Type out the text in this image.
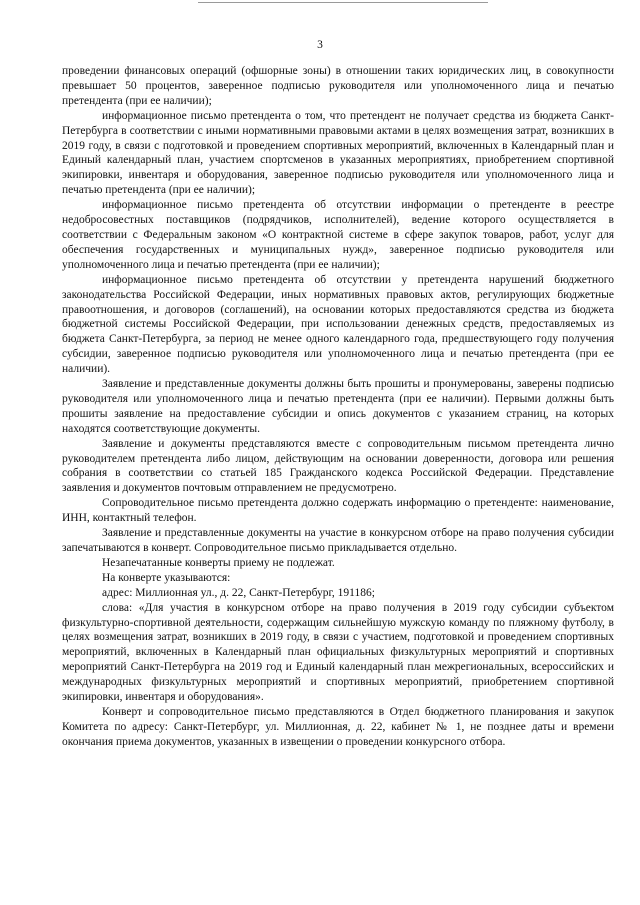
3

проведении финансовых операций (офшорные зоны) в отношении таких юридических лиц, в совокупности превышает 50 процентов, заверенное подписью руководителя или уполномоченного лица и печатью претендента (при ее наличии);

информационное письмо претендента о том, что претендент не получает средства из бюджета Санкт-Петербурга в соответствии с иными нормативными правовыми актами в целях возмещения затрат, возникших в 2019 году, в связи с подготовкой и проведением спортивных мероприятий, включенных в Календарный план и Единый календарный план, участием спортсменов в указанных мероприятиях, приобретением спортивной экипировки, инвентаря и оборудования, заверенное подписью руководителя или уполномоченного лица и печатью претендента (при ее наличии);

информационное письмо претендента об отсутствии информации о претенденте в реестре недобросовестных поставщиков (подрядчиков, исполнителей), ведение которого осуществляется в соответствии с Федеральным законом «О контрактной системе в сфере закупок товаров, работ, услуг для обеспечения государственных и муниципальных нужд», заверенное подписью руководителя или уполномоченного лица и печатью претендента (при ее наличии);

информационное письмо претендента об отсутствии у претендента нарушений бюджетного законодательства Российской Федерации, иных нормативных правовых актов, регулирующих бюджетные правоотношения, и договоров (соглашений), на основании которых предоставляются средства из бюджета бюджетной системы Российской Федерации, при использовании денежных средств, предоставляемых из бюджета Санкт-Петербурга, за период не менее одного календарного года, предшествующего году получения субсидии, заверенное подписью руководителя или уполномоченного лица и печатью претендента (при ее наличии).

Заявление и представленные документы должны быть прошиты и пронумерованы, заверены подписью руководителя или уполномоченного лица и печатью претендента (при ее наличии). Первыми должны быть прошиты заявление на предоставление субсидии и опись документов с указанием страниц, на которых находятся соответствующие документы.

Заявление и документы представляются вместе с сопроводительным письмом претендента лично руководителем претендента либо лицом, действующим на основании доверенности, договора или решения собрания в соответствии со статьей 185 Гражданского кодекса Российской Федерации. Представление заявления и документов почтовым отправлением не предусмотрено.

Сопроводительное письмо претендента должно содержать информацию о претенденте: наименование, ИНН, контактный телефон.

Заявление и представленные документы на участие в конкурсном отборе на право получения субсидии запечатываются в конверт. Сопроводительное письмо прикладывается отдельно.

Незапечатанные конверты приему не подлежат.

На конверте указываются:

адрес: Миллионная ул., д. 22, Санкт-Петербург, 191186;

слова: «Для участия в конкурсном отборе на право получения в 2019 году субсидии субъектом физкультурно-спортивной деятельности, содержащим сильнейшую мужскую команду по пляжному футболу, в целях возмещения затрат, возникших в 2019 году, в связи с участием, подготовкой и проведением спортивных мероприятий, включенных в Календарный план официальных физкультурных мероприятий и спортивных мероприятий Санкт-Петербурга на 2019 год и Единый календарный план межрегиональных, всероссийских и международных физкультурных мероприятий и спортивных мероприятий, приобретением спортивной экипировки, инвентаря и оборудования».

Конверт и сопроводительное письмо представляются в Отдел бюджетного планирования и закупок Комитета по адресу: Санкт-Петербург, ул. Миллионная, д. 22, кабинет № 1, не позднее даты и времени окончания приема документов, указанных в извещении о проведении конкурсного отбора.
